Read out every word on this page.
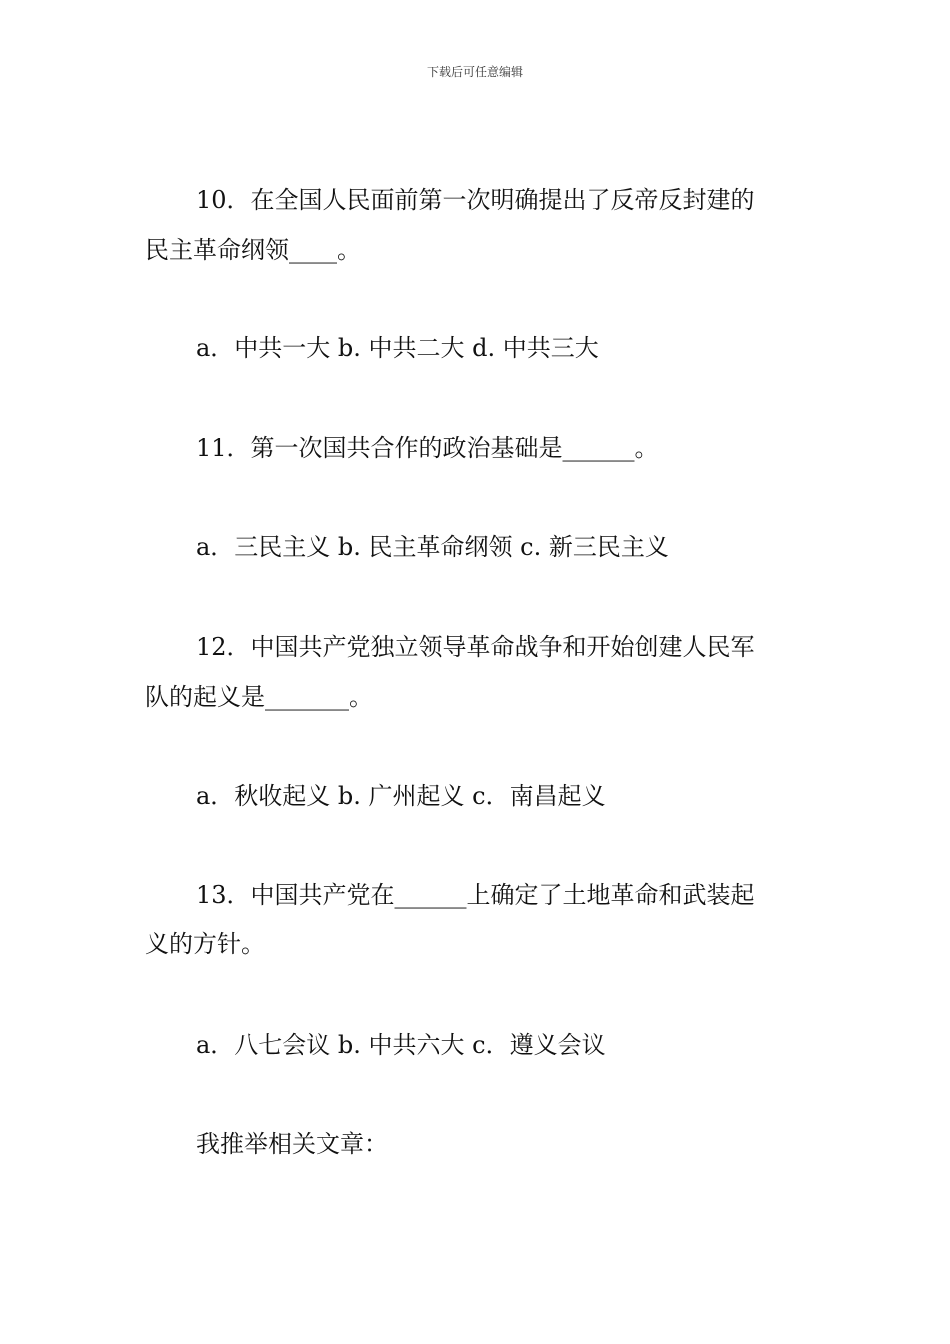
下载后可任意编辑

10．在全国人民面前第一次明确提出了反帝反封建的

民主革命纲领____。

a．中共一大 b. 中共二大 d. 中共三大

11．第一次国共合作的政治基础是______。

a．三民主义 b. 民主革命纲领 c. 新三民主义

12．中国共产党独立领导革命战争和开始创建人民军

队的起义是_______。

a．秋收起义 b. 广州起义 c．南昌起义

13．中国共产党在______上确定了土地革命和武装起

义的方针。

a．八七会议 b. 中共六大 c．遵义会议

我推举相关文章：
